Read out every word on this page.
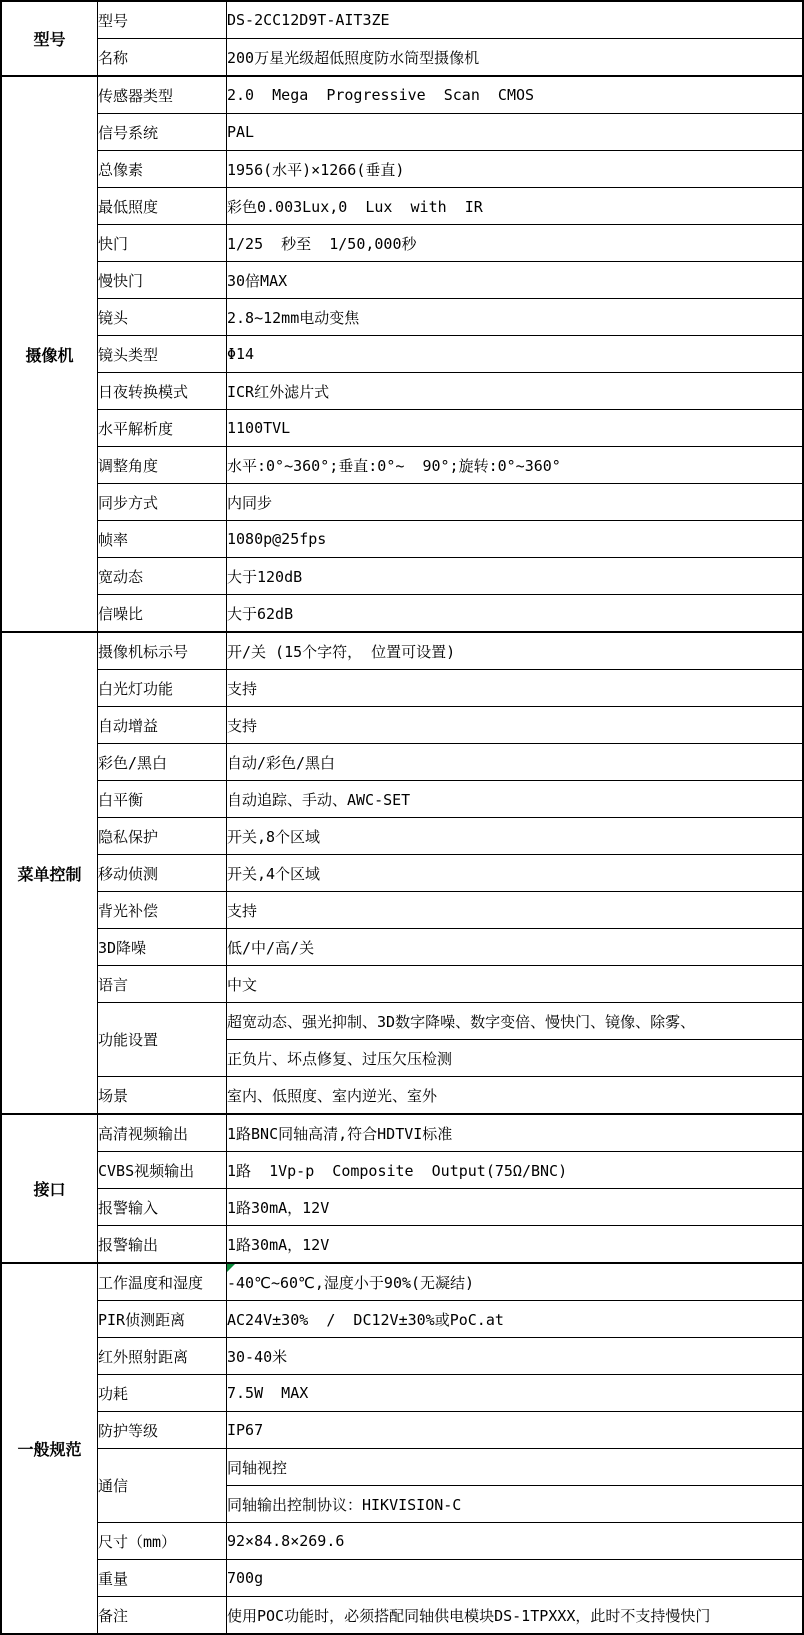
型号	型号	DS-2CC12D9T-AIT3ZE
	名称	200万星光级超低照度防水筒型摄像机
摄像机	传感器类型	2.0  Mega  Progressive  Scan  CMOS
	信号系统	PAL
	总像素	1956(水平)×1266(垂直)
	最低照度	彩色0.003Lux,0  Lux  with  IR
	快门	1/25  秒至  1/50,000秒
	慢快门	30倍MAX
	镜头	2.8~12mm电动变焦
	镜头类型	Φ14
	日夜转换模式	ICR红外滤片式
	水平解析度	1100TVL
	调整角度	水平:0°~360°;垂直:0°~  90°;旋转:0°~360°
	同步方式	内同步
	帧率	1080p@25fps
	宽动态	大于120dB
	信噪比	大于62dB
菜单控制	摄像机标示号	开/关 (15个字符， 位置可设置)
	白光灯功能	支持
	自动增益	支持
	彩色/黑白	自动/彩色/黑白
	白平衡	自动追踪、手动、AWC-SET
	隐私保护	开关,8个区域
	移动侦测	开关,4个区域
	背光补偿	支持
	3D降噪	低/中/高/关
	语言	中文
	功能设置	超宽动态、强光抑制、3D数字降噪、数字变倍、慢快门、镜像、除雾、
		正负片、坏点修复、过压欠压检测
	场景	室内、低照度、室内逆光、室外
接口	高清视频输出	1路BNC同轴高清,符合HDTVI标准
	CVBS视频输出	1路  1Vp-p  Composite  Output(75Ω/BNC)
	报警输入	1路30mA，12V
	报警输出	1路30mA，12V
一般规范	工作温度和湿度	-40℃~60℃,湿度小于90%(无凝结)
	PIR侦测距离	AC24V±30%  /  DC12V±30%或PoC.at
	红外照射距离	30-40米
	功耗	7.5W  MAX
	防护等级	IP67
	通信	同轴视控
		同轴输出控制协议：HIKVISION-C
	尺寸（mm）	92×84.8×269.6
	重量	700g
	备注	使用POC功能时，必须搭配同轴供电模块DS-1TPXXX，此时不支持慢快门
